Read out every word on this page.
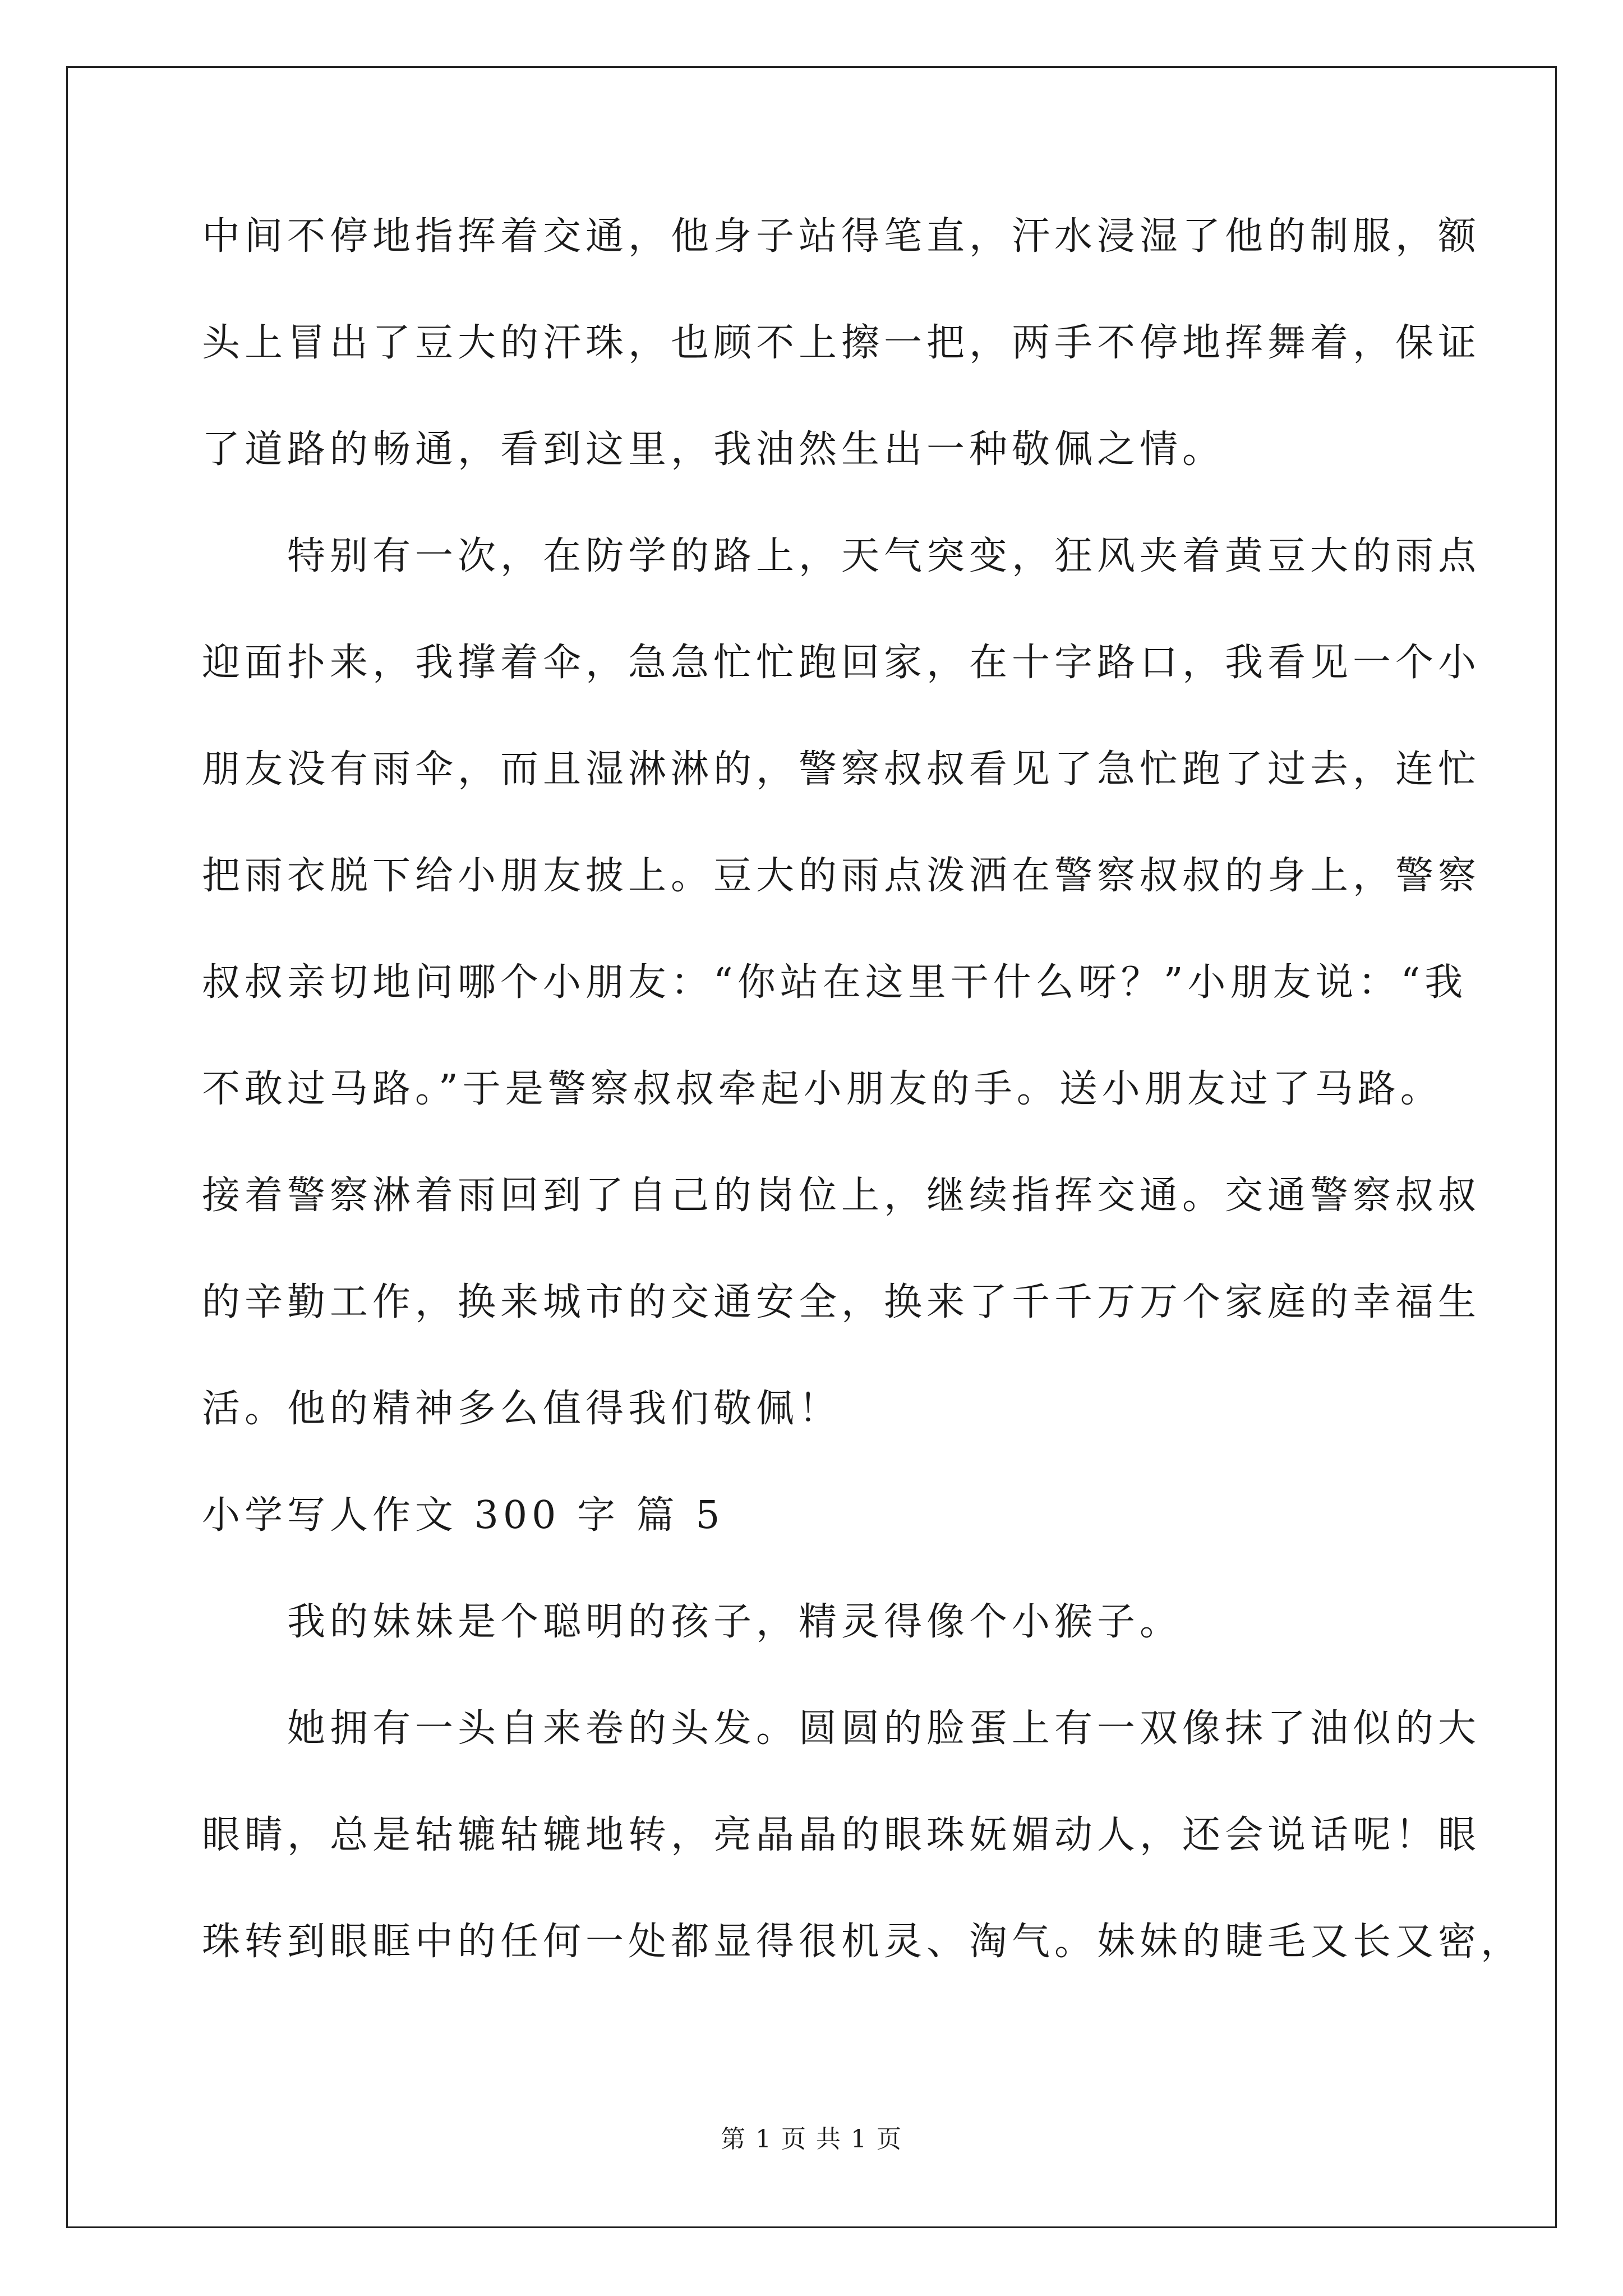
中间不停地指挥着交通，他身子站得笔直，汗水浸湿了他的制服，额
头上冒出了豆大的汗珠，也顾不上擦一把，两手不停地挥舞着，保证
了道路的畅通，看到这里，我油然生出一种敬佩之情。
　　特别有一次，在防学的路上，天气突变，狂风夹着黄豆大的雨点
迎面扑来，我撑着伞，急急忙忙跑回家，在十字路口，我看见一个小
朋友没有雨伞，而且湿淋淋的，警察叔叔看见了急忙跑了过去，连忙
把雨衣脱下给小朋友披上。豆大的雨点泼洒在警察叔叔的身上，警察
叔叔亲切地问哪个小朋友：“你站在这里干什么呀？”小朋友说：“我
不敢过马路。”于是警察叔叔牵起小朋友的手。送小朋友过了马路。
接着警察淋着雨回到了自己的岗位上，继续指挥交通。交通警察叔叔
的辛勤工作，换来城市的交通安全，换来了千千万万个家庭的幸福生
活。他的精神多么值得我们敬佩！
小学写人作文 300 字 篇 5
　　我的妹妹是个聪明的孩子，精灵得像个小猴子。
　　她拥有一头自来卷的头发。圆圆的脸蛋上有一双像抹了油似的大
眼睛，总是轱辘轱辘地转，亮晶晶的眼珠妩媚动人，还会说话呢！眼
珠转到眼眶中的任何一处都显得很机灵、淘气。妹妹的睫毛又长又密，
第 1 页 共 1 页
